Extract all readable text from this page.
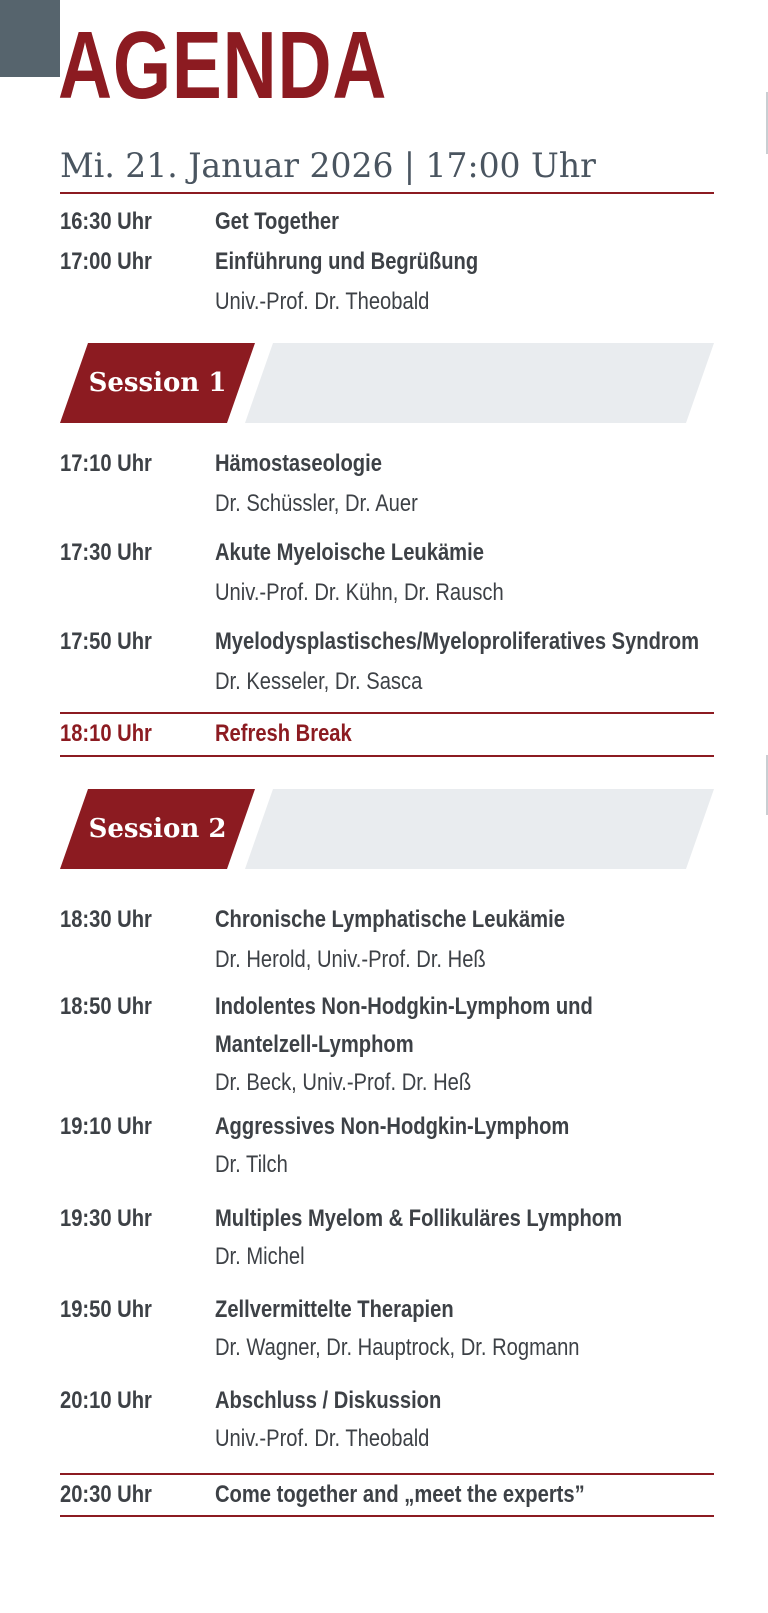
AGENDA
Mi. 21. Januar 2026 | 17:00 Uhr
16:30 Uhr	Get Together
17:00 Uhr	Einführung und Begrüßung
Univ.-Prof. Dr. Theobald
Session 1
17:10 Uhr	Hämostaseologie
Dr. Schüssler, Dr. Auer
17:30 Uhr	Akute Myeloische Leukämie
Univ.-Prof. Dr. Kühn, Dr. Rausch
17:50 Uhr	Myelodysplastisches/Myeloproliferatives Syndrom
Dr. Kesseler, Dr. Sasca
18:10 Uhr	Refresh Break
Session 2
18:30 Uhr	Chronische Lymphatische Leukämie
Dr. Herold, Univ.-Prof. Dr. Heß
18:50 Uhr	Indolentes Non-Hodgkin-Lymphom und
Mantelzell-Lymphom
Dr. Beck, Univ.-Prof. Dr. Heß
19:10 Uhr	Aggressives Non-Hodgkin-Lymphom
Dr. Tilch
19:30 Uhr	Multiples Myelom & Follikuläres Lymphom
Dr. Michel
19:50 Uhr	Zellvermittelte Therapien
Dr. Wagner, Dr. Hauptrock, Dr. Rogmann
20:10 Uhr	Abschluss / Diskussion
Univ.-Prof. Dr. Theobald
20:30 Uhr	Come together and „meet the experts”
